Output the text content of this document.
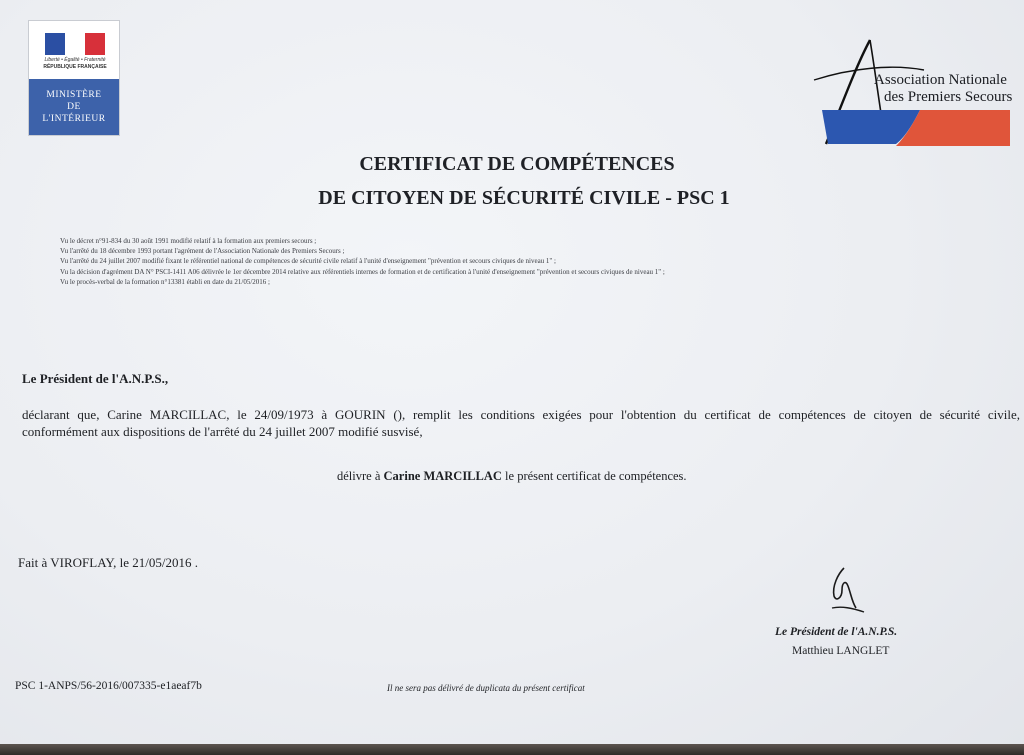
Liberté • Égalité • Fraternité
RÉPUBLIQUE FRANÇAISE
MINISTÈRE
DE
L'INTÉRIEUR
Association Nationale
des Premiers Secours
CERTIFICAT DE COMPÉTENCES
DE CITOYEN DE SÉCURITÉ CIVILE - PSC 1
Vu le décret n°91-834 du 30 août 1991 modifié relatif à la formation aux premiers secours ;
Vu l'arrêté du 18 décembre 1993 portant l'agrément de l'Association Nationale des Premiers Secours ;
Vu l'arrêté du 24 juillet 2007 modifié fixant le référentiel national de compétences de sécurité civile relatif à l'unité d'enseignement "prévention et secours civiques de niveau 1" ;
Vu la décision d'agrément DA N° PSCI-1411 A06 délivrée le 1er décembre 2014 relative aux référentiels internes de formation et de certification à l'unité d'enseignement "prévention et secours civiques de niveau 1" ;
Vu le procès-verbal de la formation n°13381 établi en date du 21/05/2016 ;
Le Président de l'A.N.P.S.,
déclarant que, Carine MARCILLAC, le 24/09/1973 à GOURIN (), remplit les conditions exigées pour l'obtention du certificat de compétences de citoyen de sécurité civile,
conformément aux dispositions de l'arrêté du 24 juillet 2007 modifié susvisé,
délivre à Carine MARCILLAC le présent certificat de compétences.
Fait à VIROFLAY, le 21/05/2016 .
Le Président de l'A.N.P.S.
Matthieu LANGLET
PSC 1-ANPS/56-2016/007335-e1aeaf7b	Il ne sera pas délivré de duplicata du présent certificat
